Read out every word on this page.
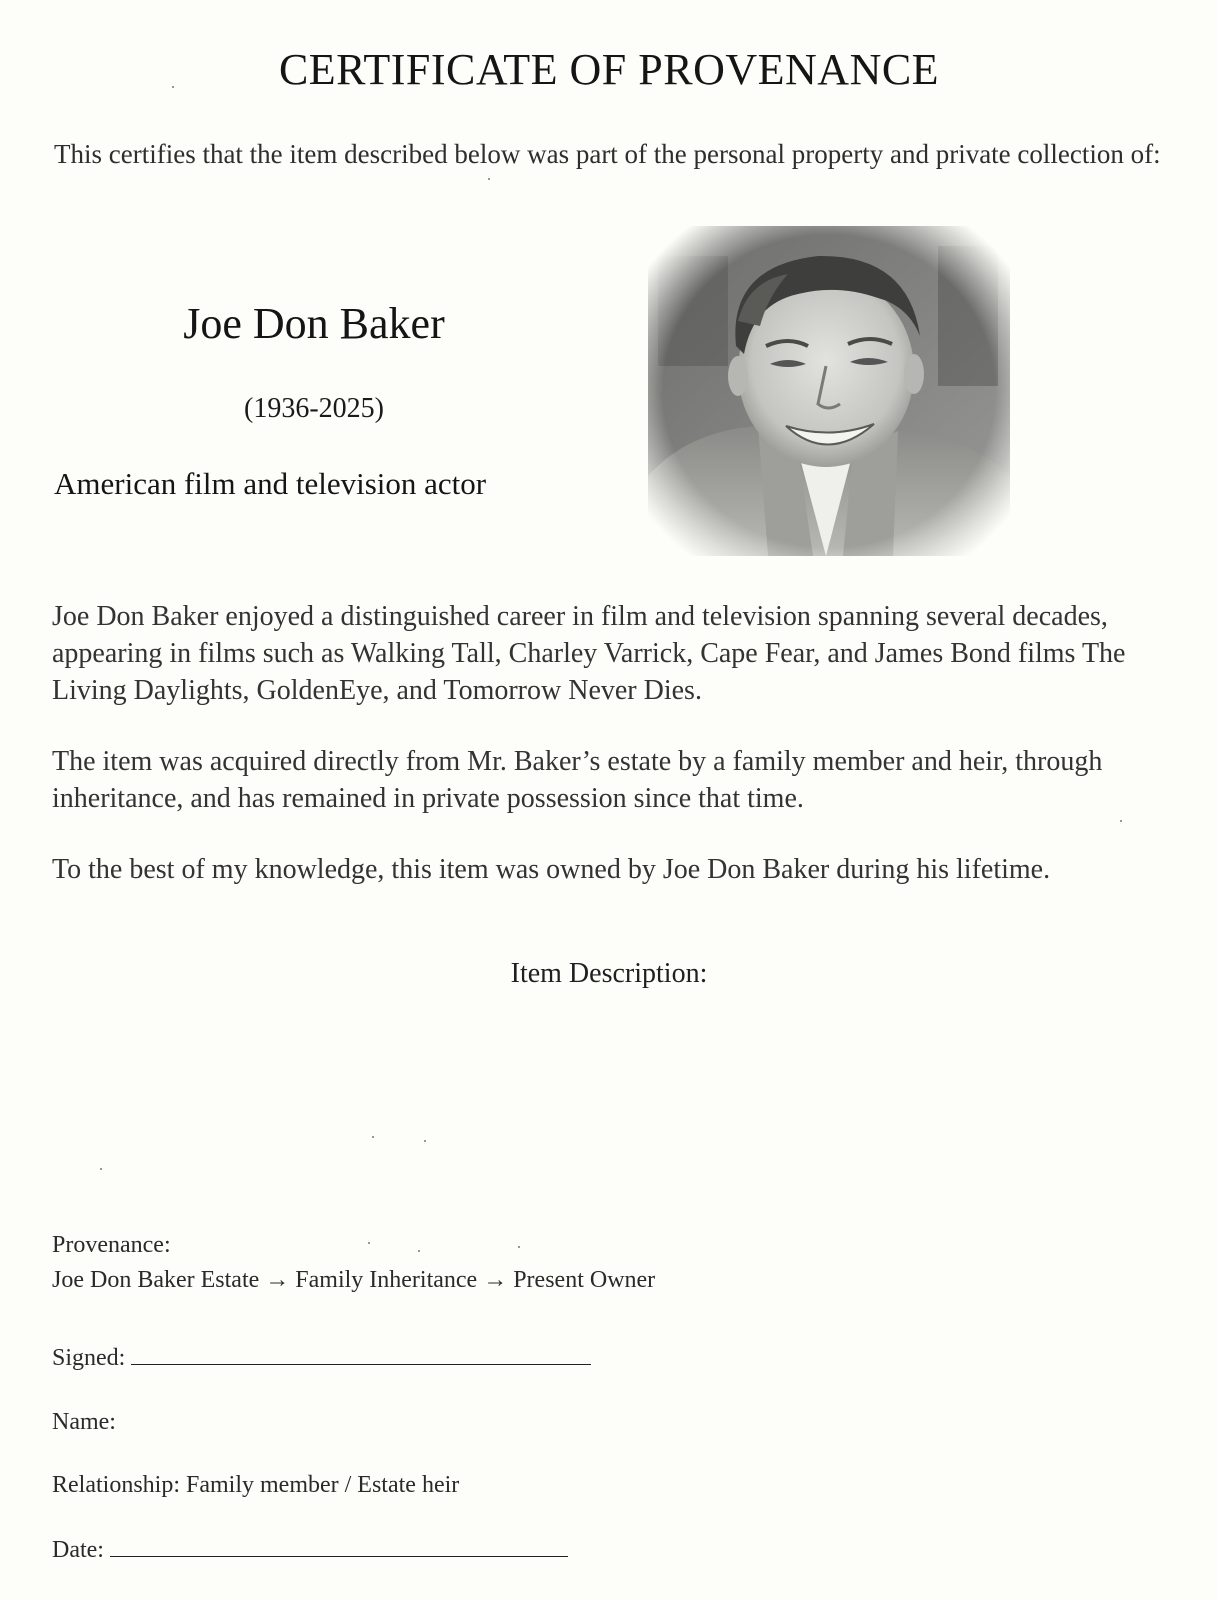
CERTIFICATE OF PROVENANCE

This certifies that the item described below was part of the personal property and private collection of:

Joe Don Baker
(1936-2025)
American film and television actor

Joe Don Baker enjoyed a distinguished career in film and television spanning several decades, appearing in films such as Walking Tall, Charley Varrick, Cape Fear, and James Bond films The Living Daylights, GoldenEye, and Tomorrow Never Dies.

The item was acquired directly from Mr. Baker’s estate by a family member and heir, through inheritance, and has remained in private possession since that time.

To the best of my knowledge, this item was owned by Joe Don Baker during his lifetime.

Item Description:
Provenance:
Joe Don Baker Estate → Family Inheritance → Present Owner
Signed:
Name:
Relationship: Family member / Estate heir
Date:
